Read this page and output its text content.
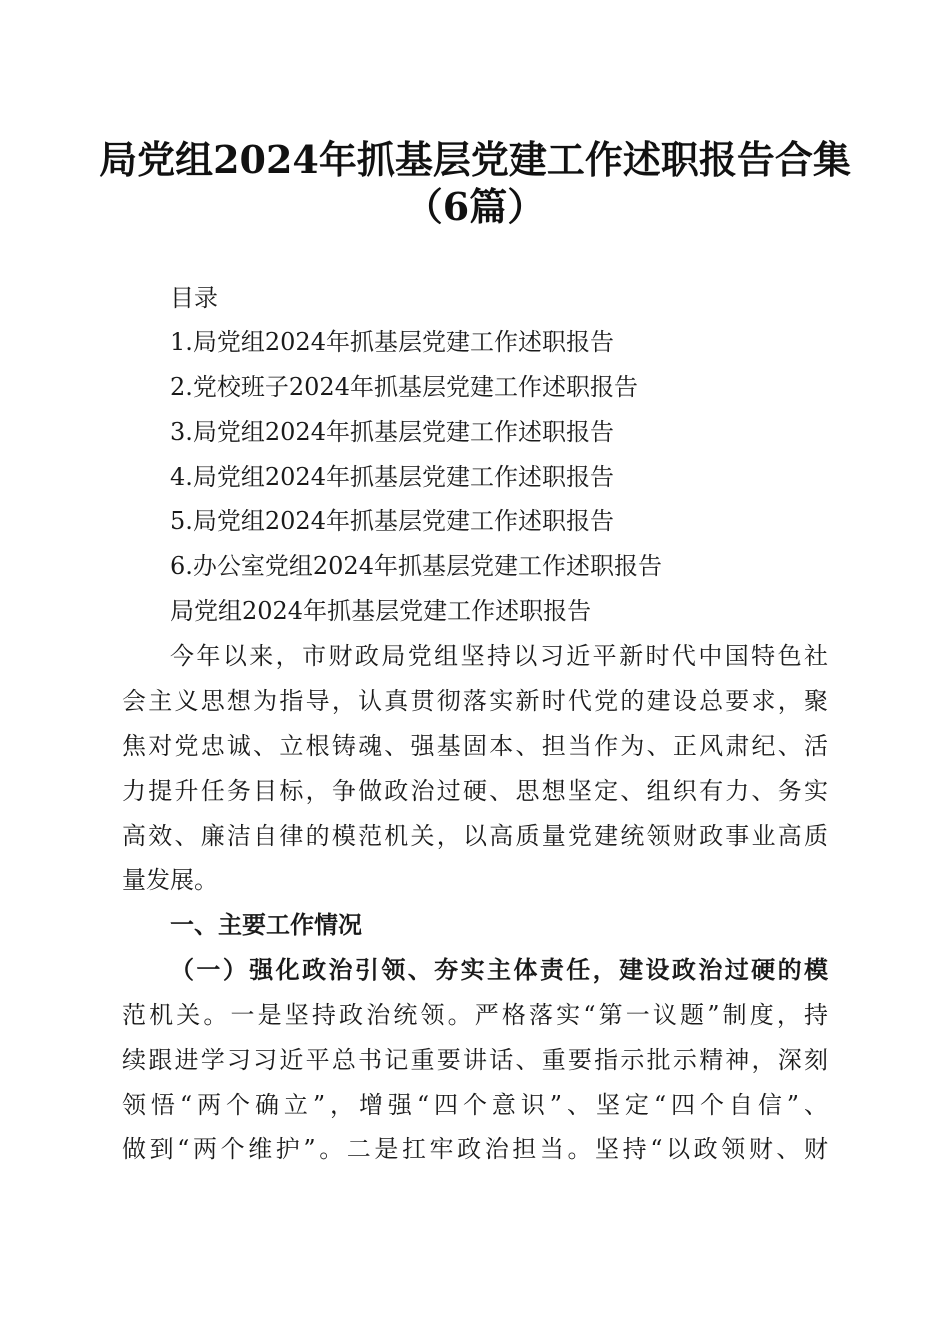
局党组2024年抓基层党建工作述职报告合集
（6篇）
目录
1.局党组2024年抓基层党建工作述职报告
2.党校班子2024年抓基层党建工作述职报告
3.局党组2024年抓基层党建工作述职报告
4.局党组2024年抓基层党建工作述职报告
5.局党组2024年抓基层党建工作述职报告
6.办公室党组2024年抓基层党建工作述职报告
局党组2024年抓基层党建工作述职报告
今年以来，市财政局党组坚持以习近平新时代中国特色社
会主义思想为指导，认真贯彻落实新时代党的建设总要求，聚
焦对党忠诚、立根铸魂、强基固本、担当作为、正风肃纪、活
力提升任务目标，争做政治过硬、思想坚定、组织有力、务实
高效、廉洁自律的模范机关，以高质量党建统领财政事业高质
量发展。
一、主要工作情况
（一）强化政治引领、夯实主体责任，建设政治过硬的模
范机关。一是坚持政治统领。严格落实“第一议题”制度，持
续跟进学习习近平总书记重要讲话、重要指示批示精神，深刻
领悟“两个确立”，增强“四个意识”、坚定“四个自信”、
做到“两个维护”。二是扛牢政治担当。坚持“以政领财、财
